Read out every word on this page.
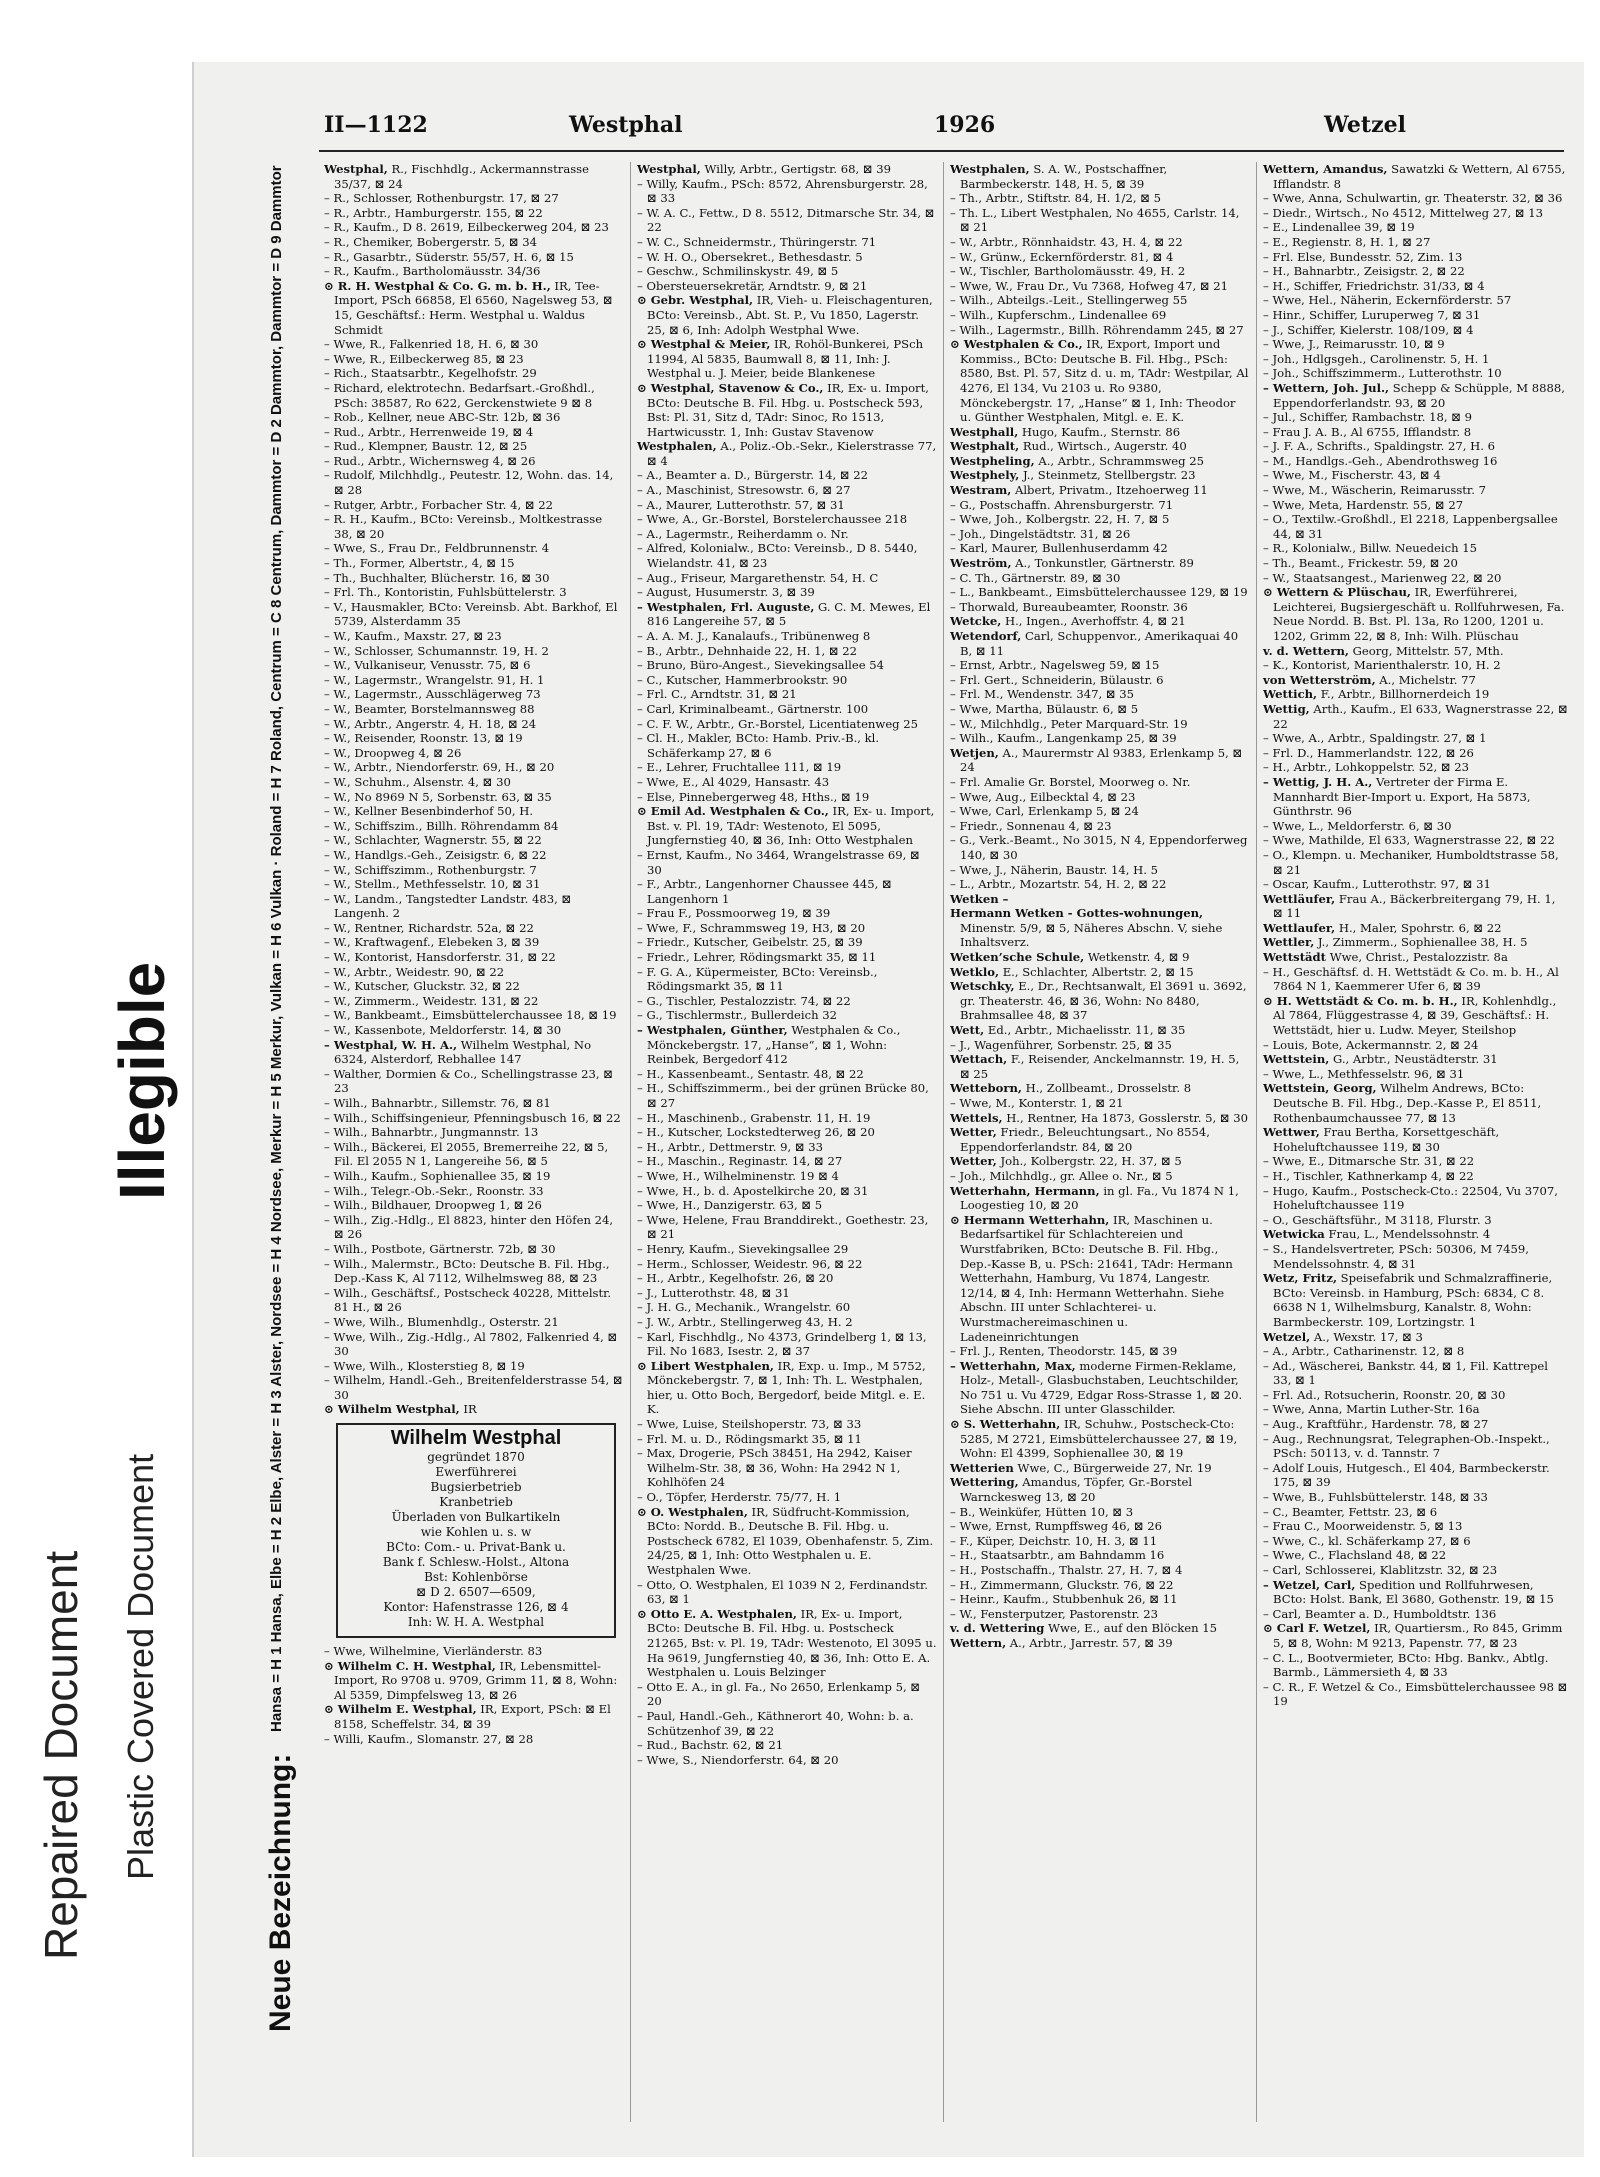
Repaired Document Plastic Covered Document
Illegible
II—1122	Westphal	1926	Wetzel
Neue Bezeichnung:
Hansa = H 1 Hansa, Elbe = H 2 Elbe, Alster = H 3 Alster, Nordsee = H 4 Nordsee, Merkur = H 5 Merkur, Vulkan = H 6 Vulkan · Roland = H 7 Roland, Centrum = C 8 Centrum, Dammtor = D 2 Dammtor, Dammtor = D 9 Dammtor	Westphal, R., Fischhdlg., Ackermannstrasse 35/37, ⊠ 24
– R., Schlosser, Rothenburgstr. 17, ⊠ 27
– R., Arbtr., Hamburgerstr. 155, ⊠ 22
– R., Kaufm., D 8. 2619, Eilbeckerweg 204, ⊠ 23
– R., Chemiker, Bobergerstr. 5, ⊠ 34
– R., Gasarbtr., Süderstr. 55/57, H. 6, ⊠ 15
– R., Kaufm., Bartholomäusstr. 34/36
⊙ R. H. Westphal & Co. G. m. b. H., IR, Tee-Import, PSch 66858, El 6560, Nagelsweg 53, ⊠ 15, Geschäftsf.: Herm. Westphal u. Waldus Schmidt
– Wwe, R., Falkenried 18, H. 6, ⊠ 30
– Wwe, R., Eilbeckerweg 85, ⊠ 23
– Rich., Staatsarbtr., Kegelhofstr. 29
– Richard, elektrotechn. Bedarfsart.-Großhdl., PSch: 38587, Ro 622, Gerckenstwiete 9 ⊠ 8
– Rob., Kellner, neue ABC-Str. 12b, ⊠ 36
– Rud., Arbtr., Herrenweide 19, ⊠ 4
– Rud., Klempner, Baustr. 12, ⊠ 25
– Rud., Arbtr., Wichernsweg 4, ⊠ 26
– Rudolf, Milchhdlg., Peutestr. 12, Wohn. das. 14, ⊠ 28
– Rutger, Arbtr., Forbacher Str. 4, ⊠ 22
– R. H., Kaufm., BCto: Vereinsb., Moltkestrasse 38, ⊠ 20
– Wwe, S., Frau Dr., Feldbrunnenstr. 4
– Th., Former, Albertstr., 4, ⊠ 15
– Th., Buchhalter, Blücherstr. 16, ⊠ 30
– Frl. Th., Kontoristin, Fuhlsbüttelerstr. 3
– V., Hausmakler, BCto: Vereinsb. Abt. Barkhof, El 5739, Alsterdamm 35
– W., Kaufm., Maxstr. 27, ⊠ 23
– W., Schlosser, Schumannstr. 19, H. 2
– W., Vulkaniseur, Venusstr. 75, ⊠ 6
– W., Lagermstr., Wrangelstr. 91, H. 1
– W., Lagermstr., Ausschlägerweg 73
– W., Beamter, Borstelmannsweg 88
– W., Arbtr., Angerstr. 4, H. 18, ⊠ 24
– W., Reisender, Roonstr. 13, ⊠ 19
– W., Droopweg 4, ⊠ 26
– W., Arbtr., Niendorferstr. 69, H., ⊠ 20
– W., Schuhm., Alsenstr. 4, ⊠ 30
– W., No 8969 N 5, Sorbenstr. 63, ⊠ 35
– W., Kellner Besenbinderhof 50, H.
– W., Schiffszim., Billh. Röhrendamm 84
– W., Schlachter, Wagnerstr. 55, ⊠ 22
– W., Handlgs.-Geh., Zeisigstr. 6, ⊠ 22
– W., Schiffszimm., Rothenburgstr. 7
– W., Stellm., Methfesselstr. 10, ⊠ 31
– W., Landm., Tangstedter Landstr. 483, ⊠ Langenh. 2
– W., Rentner, Richardstr. 52a, ⊠ 22
– W., Kraftwagenf., Elebeken 3, ⊠ 39
– W., Kontorist, Hansdorferstr. 31, ⊠ 22
– W., Arbtr., Weidestr. 90, ⊠ 22
– W., Kutscher, Gluckstr. 32, ⊠ 22
– W., Zimmerm., Weidestr. 131, ⊠ 22
– W., Bankbeamt., Eimsbüttelerchaussee 18, ⊠ 19
– W., Kassenbote, Meldorferstr. 14, ⊠ 30
– Westphal, W. H. A., Wilhelm Westphal, No 6324, Alsterdorf, Rebhallee 147
– Walther, Dormien & Co., Schellingstrasse 23, ⊠ 23
– Wilh., Bahnarbtr., Sillemstr. 76, ⊠ 81
– Wilh., Schiffsingenieur, Pfenningsbusch 16, ⊠ 22
– Wilh., Bahnarbtr., Jungmannstr. 13
– Wilh., Bäckerei, El 2055, Bremerreihe 22, ⊠ 5, Fil. El 2055 N 1, Langereihe 56, ⊠ 5
– Wilh., Kaufm., Sophienallee 35, ⊠ 19
– Wilh., Telegr.-Ob.-Sekr., Roonstr. 33
– Wilh., Bildhauer, Droopweg 1, ⊠ 26
– Wilh., Zig.-Hdlg., El 8823, hinter den Höfen 24, ⊠ 26
– Wilh., Postbote, Gärtnerstr. 72b, ⊠ 30
– Wilh., Malermstr., BCto: Deutsche B. Fil. Hbg., Dep.-Kass K, Al 7112, Wilhelmsweg 88, ⊠ 23
– Wilh., Geschäftsf., Postscheck 40228, Mittelstr. 81 H., ⊠ 26
– Wwe, Wilh., Blumenhdlg., Osterstr. 21
– Wwe, Wilh., Zig.-Hdlg., Al 7802, Falkenried 4, ⊠ 30
– Wwe, Wilh., Klosterstieg 8, ⊠ 19
– Wilhelm, Handl.-Geh., Breitenfelderstrasse 54, ⊠ 30
⊙ Wilhelm Westphal, IR
Wilhelm Westphal
gegründet 1870
Ewerführerei
Bugsierbetrieb
Kranbetrieb
Überladen von Bulkartikeln
wie Kohlen u. s. w
BCto: Com.- u. Privat-Bank u.
Bank f. Schlesw.-Holst., Altona
Bst: Kohlenbörse
⊠ D 2. 6507—6509,
Kontor: Hafenstrasse 126, ⊠ 4
Inh: W. H. A. Westphal
– Wwe, Wilhelmine, Vierländerstr. 83
⊙ Wilhelm C. H. Westphal, IR, Lebensmittel-Import, Ro 9708 u. 9709, Grimm 11, ⊠ 8, Wohn: Al 5359, Dimpfelsweg 13, ⊠ 26
⊙ Wilhelm E. Westphal, IR, Export, PSch: ⊠ El 8158, Scheffelstr. 34, ⊠ 39
– Willi, Kaufm., Slomanstr. 27, ⊠ 28
Westphal, Willy, Arbtr., Gertigstr. 68, ⊠ 39
– Willy, Kaufm., PSch: 8572, Ahrensburgerstr. 28, ⊠ 33
– W. A. C., Fettw., D 8. 5512, Ditmarsche Str. 34, ⊠ 22
– W. C., Schneidermstr., Thüringerstr. 71
– W. H. O., Obersekret., Bethesdastr. 5
– Geschw., Schmilinskystr. 49, ⊠ 5
– Obersteuersekretär, Arndtstr. 9, ⊠ 21
⊙ Gebr. Westphal, IR, Vieh- u. Fleischagenturen, BCto: Vereinsb., Abt. St. P., Vu 1850, Lagerstr. 25, ⊠ 6, Inh: Adolph Westphal Wwe.
⊙ Westphal & Meier, IR, Rohöl-Bunkerei, PSch 11994, Al 5835, Baumwall 8, ⊠ 11, Inh: J. Westphal u. J. Meier, beide Blankenese
⊙ Westphal, Stavenow & Co., IR, Ex- u. Import, BCto: Deutsche B. Fil. Hbg. u. Postscheck 593, Bst: Pl. 31, Sitz d, TAdr: Sinoc, Ro 1513, Hartwicusstr. 1, Inh: Gustav Stavenow
Westphalen, A., Poliz.-Ob.-Sekr., Kielerstrasse 77, ⊠ 4
– A., Beamter a. D., Bürgerstr. 14, ⊠ 22
– A., Maschinist, Stresowstr. 6, ⊠ 27
– A., Maurer, Lutterothstr. 57, ⊠ 31
– Wwe, A., Gr.-Borstel, Borstelerchaussee 218
– A., Lagermstr., Reiherdamm o. Nr.
– Alfred, Kolonialw., BCto: Vereinsb., D 8. 5440, Wielandstr. 41, ⊠ 23
– Aug., Friseur, Margarethenstr. 54, H. C
– August, Husumerstr. 3, ⊠ 39
– Westphalen, Frl. Auguste, G. C. M. Mewes, El 816 Langereihe 57, ⊠ 5
– A. A. M. J., Kanalaufs., Tribünenweg 8
– B., Arbtr., Dehnhaide 22, H. 1, ⊠ 22
– Bruno, Büro-Angest., Sievekingsallee 54
– C., Kutscher, Hammerbrookstr. 90
– Frl. C., Arndtstr. 31, ⊠ 21
– Carl, Kriminalbeamt., Gärtnerstr. 100
– C. F. W., Arbtr., Gr.-Borstel, Licentiatenweg 25
– Cl. H., Makler, BCto: Hamb. Priv.-B., kl. Schäferkamp 27, ⊠ 6
– E., Lehrer, Fruchtallee 111, ⊠ 19
– Wwe, E., Al 4029, Hansastr. 43
– Else, Pinnebergerweg 48, Hths., ⊠ 19
⊙ Emil Ad. Westphalen & Co., IR, Ex- u. Import, Bst. v. Pl. 19, TAdr: Westenoto, El 5095, Jungfernstieg 40, ⊠ 36, Inh: Otto Westphalen
– Ernst, Kaufm., No 3464, Wrangelstrasse 69, ⊠ 30
– F., Arbtr., Langenhorner Chaussee 445, ⊠ Langenhorn 1
– Frau F., Possmoorweg 19, ⊠ 39
– Wwe, F., Schrammsweg 19, H3, ⊠ 20
– Friedr., Kutscher, Geibelstr. 25, ⊠ 39
– Friedr., Lehrer, Rödingsmarkt 35, ⊠ 11
– F. G. A., Küpermeister, BCto: Vereinsb., Rödingsmarkt 35, ⊠ 11
– G., Tischler, Pestalozzistr. 74, ⊠ 22
– G., Tischlermstr., Bullerdeich 32
– Westphalen, Günther, Westphalen & Co., Mönckebergstr. 17, „Hanse“, ⊠ 1, Wohn: Reinbek, Bergedorf 412
– H., Kassenbeamt., Sentastr. 48, ⊠ 22
– H., Schiffszimmerm., bei der grünen Brücke 80, ⊠ 27
– H., Maschinenb., Grabenstr. 11, H. 19
– H., Kutscher, Lockstedterweg 26, ⊠ 20
– H., Arbtr., Dettmerstr. 9, ⊠ 33
– H., Maschin., Reginastr. 14, ⊠ 27
– Wwe, H., Wilhelminenstr. 19 ⊠ 4
– Wwe, H., b. d. Apostelkirche 20, ⊠ 31
– Wwe, H., Danzigerstr. 63, ⊠ 5
– Wwe, Helene, Frau Branddirekt., Goethestr. 23, ⊠ 21
– Henry, Kaufm., Sievekingsallee 29
– Herm., Schlosser, Weidestr. 96, ⊠ 22
– H., Arbtr., Kegelhofstr. 26, ⊠ 20
– J., Lutterothstr. 48, ⊠ 31
– J. H. G., Mechanik., Wrangelstr. 60
– J. W., Arbtr., Stellingerweg 43, H. 2
– Karl, Fischhdlg., No 4373, Grindelberg 1, ⊠ 13, Fil. No 1683, Isestr. 2, ⊠ 37
⊙ Libert Westphalen, IR, Exp. u. Imp., M 5752, Mönckebergstr. 7, ⊠ 1, Inh: Th. L. Westphalen, hier, u. Otto Boch, Bergedorf, beide Mitgl. e. E. K.
– Wwe, Luise, Steilshoperstr. 73, ⊠ 33
– Frl. M. u. D., Rödingsmarkt 35, ⊠ 11
– Max, Drogerie, PSch 38451, Ha 2942, Kaiser Wilhelm-Str. 38, ⊠ 36, Wohn: Ha 2942 N 1, Kohlhöfen 24
– O., Töpfer, Herderstr. 75/77, H. 1
⊙ O. Westphalen, IR, Südfrucht-Kommission, BCto: Nordd. B., Deutsche B. Fil. Hbg. u. Postscheck 6782, El 1039, Obenhafenstr. 5, Zim. 24/25, ⊠ 1, Inh: Otto Westphalen u. E. Westphalen Wwe.
– Otto, O. Westphalen, El 1039 N 2, Ferdinandstr. 63, ⊠ 1
⊙ Otto E. A. Westphalen, IR, Ex- u. Import, BCto: Deutsche B. Fil. Hbg. u. Postscheck 21265, Bst: v. Pl. 19, TAdr: Westenoto, El 3095 u. Ha 9619, Jungfernstieg 40, ⊠ 36, Inh: Otto E. A. Westphalen u. Louis Belzinger
– Otto E. A., in gl. Fa., No 2650, Erlenkamp 5, ⊠ 20
– Paul, Handl.-Geh., Käthnerort 40, Wohn: b. a. Schützenhof 39, ⊠ 22
– Rud., Bachstr. 62, ⊠ 21
– Wwe, S., Niendorferstr. 64, ⊠ 20
Westphalen, S. A. W., Postschaffner, Barmbeckerstr. 148, H. 5, ⊠ 39
– Th., Arbtr., Stiftstr. 84, H. 1/2, ⊠ 5
– Th. L., Libert Westphalen, No 4655, Carlstr. 14, ⊠ 21
– W., Arbtr., Rönnhaidstr. 43, H. 4, ⊠ 22
– W., Grünw., Eckernförderstr. 81, ⊠ 4
– W., Tischler, Bartholomäusstr. 49, H. 2
– Wwe, W., Frau Dr., Vu 7368, Hofweg 47, ⊠ 21
– Wilh., Abteilgs.-Leit., Stellingerweg 55
– Wilh., Kupferschm., Lindenallee 69
– Wilh., Lagermstr., Billh. Röhrendamm 245, ⊠ 27
⊙ Westphalen & Co., IR, Export, Import und Kommiss., BCto: Deutsche B. Fil. Hbg., PSch: 8580, Bst. Pl. 57, Sitz d. u. m, TAdr: Westpilar, Al 4276, El 134, Vu 2103 u. Ro 9380, Mönckebergstr. 17, „Hanse“ ⊠ 1, Inh: Theodor u. Günther Westphalen, Mitgl. e. E. K.
Westphall, Hugo, Kaufm., Sternstr. 86
Westphalt, Rud., Wirtsch., Augerstr. 40
Westpheling, A., Arbtr., Schrammsweg 25
Westphely, J., Steinmetz, Stellbergstr. 23
Westram, Albert, Privatm., Itzehoerweg 11
– G., Postschaffn. Ahrensburgerstr. 71
– Wwe, Joh., Kolbergstr. 22, H. 7, ⊠ 5
– Joh., Dingelstädtstr. 31, ⊠ 26
– Karl, Maurer, Bullenhuserdamm 42
Weström, A., Tonkunstler, Gärtnerstr. 89
– C. Th., Gärtnerstr. 89, ⊠ 30
– L., Bankbeamt., Eimsbüttelerchaussee 129, ⊠ 19
– Thorwald, Bureaubeamter, Roonstr. 36
Wetcke, H., Ingen., Averhoffstr. 4, ⊠ 21
Wetendorf, Carl, Schuppenvor., Amerikaquai 40 B, ⊠ 11
– Ernst, Arbtr., Nagelsweg 59, ⊠ 15
– Frl. Gert., Schneiderin, Bülaustr. 6
– Frl. M., Wendenstr. 347, ⊠ 35
– Wwe, Martha, Bülaustr. 6, ⊠ 5
– W., Milchhdlg., Peter Marquard-Str. 19
– Wilh., Kaufm., Langenkamp 25, ⊠ 39
Wetjen, A., Maurermstr Al 9383, Erlenkamp 5, ⊠ 24
– Frl. Amalie Gr. Borstel, Moorweg o. Nr.
– Wwe, Aug., Eilbecktal 4, ⊠ 23
– Wwe, Carl, Erlenkamp 5, ⊠ 24
– Friedr., Sonnenau 4, ⊠ 23
– G., Verk.-Beamt., No 3015, N 4, Eppendorferweg 140, ⊠ 30
– Wwe, J., Näherin, Baustr. 14, H. 5
– L., Arbtr., Mozartstr. 54, H. 2, ⊠ 22
Wetken –
Hermann Wetken - Gottes-wohnungen, Minenstr. 5/9, ⊠ 5, Näheres Abschn. V, siehe Inhaltsverz.
Wetken’sche Schule, Wetkenstr. 4, ⊠ 9
Wetklo, E., Schlachter, Albertstr. 2, ⊠ 15
Wetschky, E., Dr., Rechtsanwalt, El 3691 u. 3692, gr. Theaterstr. 46, ⊠ 36, Wohn: No 8480, Brahmsallee 48, ⊠ 37
Wett, Ed., Arbtr., Michaelisstr. 11, ⊠ 35
– J., Wagenführer, Sorbenstr. 25, ⊠ 35
Wettach, F., Reisender, Anckelmannstr. 19, H. 5, ⊠ 25
Wetteborn, H., Zollbeamt., Drosselstr. 8
– Wwe, M., Konterstr. 1, ⊠ 21
Wettels, H., Rentner, Ha 1873, Gosslerstr. 5, ⊠ 30
Wetter, Friedr., Beleuchtungsart., No 8554, Eppendorferlandstr. 84, ⊠ 20
Wetter, Joh., Kolbergstr. 22, H. 37, ⊠ 5
– Joh., Milchhdlg., gr. Allee o. Nr., ⊠ 5
Wetterhahn, Hermann, in gl. Fa., Vu 1874 N 1, Loogestieg 10, ⊠ 20
⊙ Hermann Wetterhahn, IR, Maschinen u. Bedarfsartikel für Schlachtereien und Wurstfabriken, BCto: Deutsche B. Fil. Hbg., Dep.-Kasse B, u. PSch: 21641, TAdr: Hermann Wetterhahn, Hamburg, Vu 1874, Langestr. 12/14, ⊠ 4, Inh: Hermann Wetterhahn. Siehe Abschn. III unter Schlachterei- u. Wurstmachereimaschinen u. Ladeneinrichtungen
– Frl. J., Renten, Theodorstr. 145, ⊠ 39
– Wetterhahn, Max, moderne Firmen-Reklame, Holz-, Metall-, Glasbuchstaben, Leuchtschilder, No 751 u. Vu 4729, Edgar Ross-Strasse 1, ⊠ 20. Siehe Abschn. III unter Glasschilder.
⊙ S. Wetterhahn, IR, Schuhw., Postscheck-Cto: 5285, M 2721, Eimsbüttelerchaussee 27, ⊠ 19, Wohn: El 4399, Sophienallee 30, ⊠ 19
Wetterien Wwe, C., Bürgerweide 27, Nr. 19
Wettering, Amandus, Töpfer, Gr.-Borstel Warnckesweg 13, ⊠ 20
– B., Weinküfer, Hütten 10, ⊠ 3
– Wwe, Ernst, Rumpffsweg 46, ⊠ 26
– F., Küper, Deichstr. 10, H. 3, ⊠ 11
– H., Staatsarbtr., am Bahndamm 16
– H., Postschaffn., Thalstr. 27, H. 7, ⊠ 4
– H., Zimmermann, Gluckstr. 76, ⊠ 22
– Heinr., Kaufm., Stubbenhuk 26, ⊠ 11
– W., Fensterputzer, Pastorenstr. 23
v. d. Wettering Wwe, E., auf den Blöcken 15
Wettern, A., Arbtr., Jarrestr. 57, ⊠ 39
Wettern, Amandus, Sawatzki & Wettern, Al 6755, Ifflandstr. 8
– Wwe, Anna, Schulwartin, gr. Theaterstr. 32, ⊠ 36
– Diedr., Wirtsch., No 4512, Mittelweg 27, ⊠ 13
– E., Lindenallee 39, ⊠ 19
– E., Regienstr. 8, H. 1, ⊠ 27
– Frl. Else, Bundesstr. 52, Zim. 13
– H., Bahnarbtr., Zeisigstr. 2, ⊠ 22
– H., Schiffer, Friedrichstr. 31/33, ⊠ 4
– Wwe, Hel., Näherin, Eckernförderstr. 57
– Hinr., Schiffer, Luruperweg 7, ⊠ 31
– J., Schiffer, Kielerstr. 108/109, ⊠ 4
– Wwe, J., Reimarusstr. 10, ⊠ 9
– Joh., Hdlgsgeh., Carolinenstr. 5, H. 1
– Joh., Schiffszimmerm., Lutterothstr. 10
– Wettern, Joh. Jul., Schepp & Schüpple, M 8888, Eppendorferlandstr. 93, ⊠ 20
– Jul., Schiffer, Rambachstr. 18, ⊠ 9
– Frau J. A. B., Al 6755, Ifflandstr. 8
– J. F. A., Schrifts., Spaldingstr. 27, H. 6
– M., Handlgs.-Geh., Abendrothsweg 16
– Wwe, M., Fischerstr. 43, ⊠ 4
– Wwe, M., Wäscherin, Reimarusstr. 7
– Wwe, Meta, Hardenstr. 55, ⊠ 27
– O., Textilw.-Großhdl., El 2218, Lappenbergsallee 44, ⊠ 31
– R., Kolonialw., Billw. Neuedeich 15
– Th., Beamt., Frickestr. 59, ⊠ 20
– W., Staatsangest., Marienweg 22, ⊠ 20
⊙ Wettern & Plüschau, IR, Ewerführerei, Leichterei, Bugsiergeschäft u. Rollfuhrwesen, Fa. Neue Nordd. B. Bst. Pl. 13a, Ro 1200, 1201 u. 1202, Grimm 22, ⊠ 8, Inh: Wilh. Plüschau
v. d. Wettern, Georg, Mittelstr. 57, Mth.
– K., Kontorist, Marienthalerstr. 10, H. 2
von Wetterström, A., Michelstr. 77
Wettich, F., Arbtr., Billhornerdeich 19
Wettig, Arth., Kaufm., El 633, Wagnerstrasse 22, ⊠ 22
– Wwe, A., Arbtr., Spaldingstr. 27, ⊠ 1
– Frl. D., Hammerlandstr. 122, ⊠ 26
– H., Arbtr., Lohkoppelstr. 52, ⊠ 23
– Wettig, J. H. A., Vertreter der Firma E. Mannhardt Bier-Import u. Export, Ha 5873, Günthrstr. 96
– Wwe, L., Meldorferstr. 6, ⊠ 30
– Wwe, Mathilde, El 633, Wagnerstrasse 22, ⊠ 22
– O., Klempn. u. Mechaniker, Humboldtstrasse 58, ⊠ 21
– Oscar, Kaufm., Lutterothstr. 97, ⊠ 31
Wettläufer, Frau A., Bäckerbreitergang 79, H. 1, ⊠ 11
Wettlaufer, H., Maler, Spohrstr. 6, ⊠ 22
Wettler, J., Zimmerm., Sophienallee 38, H. 5
Wettstädt Wwe, Christ., Pestalozzistr. 8a
– H., Geschäftsf. d. H. Wettstädt & Co. m. b. H., Al 7864 N 1, Kaemmerer Ufer 6, ⊠ 39
⊙ H. Wettstädt & Co. m. b. H., IR, Kohlenhdlg., Al 7864, Flüggestrasse 4, ⊠ 39, Geschäftsf.: H. Wettstädt, hier u. Ludw. Meyer, Steilshop
– Louis, Bote, Ackermannstr. 2, ⊠ 24
Wettstein, G., Arbtr., Neustädterstr. 31
– Wwe, L., Methfesselstr. 96, ⊠ 31
Wettstein, Georg, Wilhelm Andrews, BCto: Deutsche B. Fil. Hbg., Dep.-Kasse P., El 8511, Rothenbaumchaussee 77, ⊠ 13
Wettwer, Frau Bertha, Korsettgeschäft, Hoheluftchaussee 119, ⊠ 30
– Wwe, E., Ditmarsche Str. 31, ⊠ 22
– H., Tischler, Kathnerkamp 4, ⊠ 22
– Hugo, Kaufm., Postscheck-Cto.: 22504, Vu 3707, Hoheluftchaussee 119
– O., Geschäftsführ., M 3118, Flurstr. 3
Wetwicka Frau, L., Mendelssohnstr. 4
– S., Handelsvertreter, PSch: 50306, M 7459, Mendelssohnstr. 4, ⊠ 31
Wetz, Fritz, Speisefabrik und Schmalzraffinerie, BCto: Vereinsb. in Hamburg, PSch: 6834, C 8. 6638 N 1, Wilhelmsburg, Kanalstr. 8, Wohn: Barmbeckerstr. 109, Lortzingstr. 1
Wetzel, A., Wexstr. 17, ⊠ 3
– A., Arbtr., Catharinenstr. 12, ⊠ 8
– Ad., Wäscherei, Bankstr. 44, ⊠ 1, Fil. Kattrepel 33, ⊠ 1
– Frl. Ad., Rotsucherin, Roonstr. 20, ⊠ 30
– Wwe, Anna, Martin Luther-Str. 16a
– Aug., Kraftführ., Hardenstr. 78, ⊠ 27
– Aug., Rechnungsrat, Telegraphen-Ob.-Inspekt., PSch: 50113, v. d. Tannstr. 7
– Adolf Louis, Hutgesch., El 404, Barmbeckerstr. 175, ⊠ 39
– Wwe, B., Fuhlsbüttelerstr. 148, ⊠ 33
– C., Beamter, Fettstr. 23, ⊠ 6
– Frau C., Moorweidenstr. 5, ⊠ 13
– Wwe, C., kl. Schäferkamp 27, ⊠ 6
– Wwe, C., Flachsland 48, ⊠ 22
– Carl, Schlosserei, Klablitzstr. 32, ⊠ 23
– Wetzel, Carl, Spedition und Rollfuhrwesen, BCto: Holst. Bank, El 3680, Gothenstr. 19, ⊠ 15
– Carl, Beamter a. D., Humboldtstr. 136
⊙ Carl F. Wetzel, IR, Quartiersm., Ro 845, Grimm 5, ⊠ 8, Wohn: M 9213, Papenstr. 77, ⊠ 23
– C. L., Bootvermieter, BCto: Hbg. Bankv., Abtlg. Barmb., Lämmersieth 4, ⊠ 33
– C. R., F. Wetzel & Co., Eimsbüttelerchaussee 98 ⊠ 19
